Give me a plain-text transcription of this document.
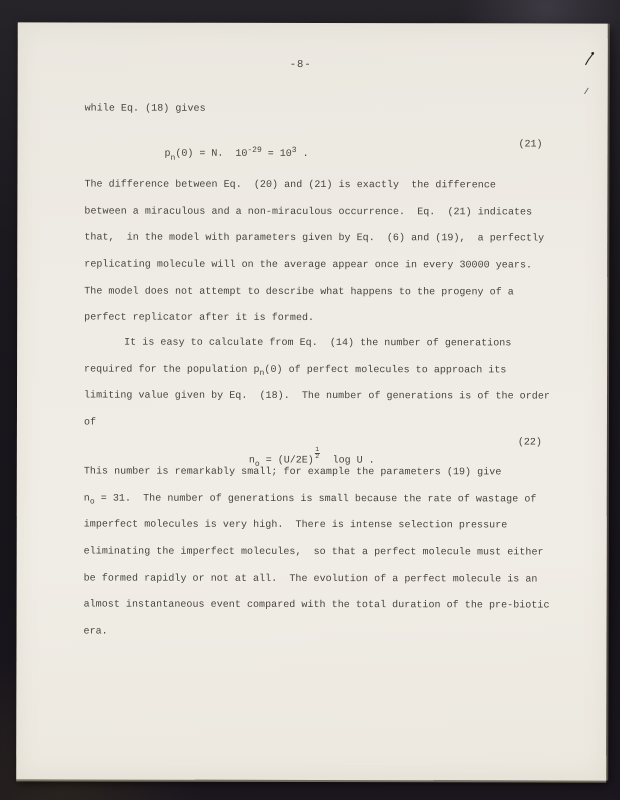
-8-
while Eq. (18) gives

$p_n(0) = N$.  $10^{-29} = 10^3$ .

(21)

The difference between Eq.  (20) and (21) is exactly  the difference
between a miraculous and a non-miraculous occurrence.  Eq.  (21) indicates
that,  in the model with parameters given by Eq.  (6) and (19),  a perfectly
replicating molecule will on the average appear once in every 30000 years.
The model does not attempt to describe what happens to the progeny of a
perfect replicator after it is formed.
It is easy to calculate from Eq.  (14) the number of generations
required for the population $p_n(0)$ of perfect molecules to approach its
limiting value given by Eq.  (18).  The number of generations is of the order
of

$n_o = (U/2E)$
$\frac{1}{2}$
log U .

(22)

This number is remarkably small; for example the parameters (19) give
$n_o = 31$.  The number of generations is small because the rate of wastage of
imperfect molecules is very high.  There is intense selection pressure
eliminating the imperfect molecules,  so that a perfect molecule must either
be formed rapidly or not at all.  The evolution of a perfect molecule is an
almost instantaneous event compared with the total duration of the pre-biotic
era.
